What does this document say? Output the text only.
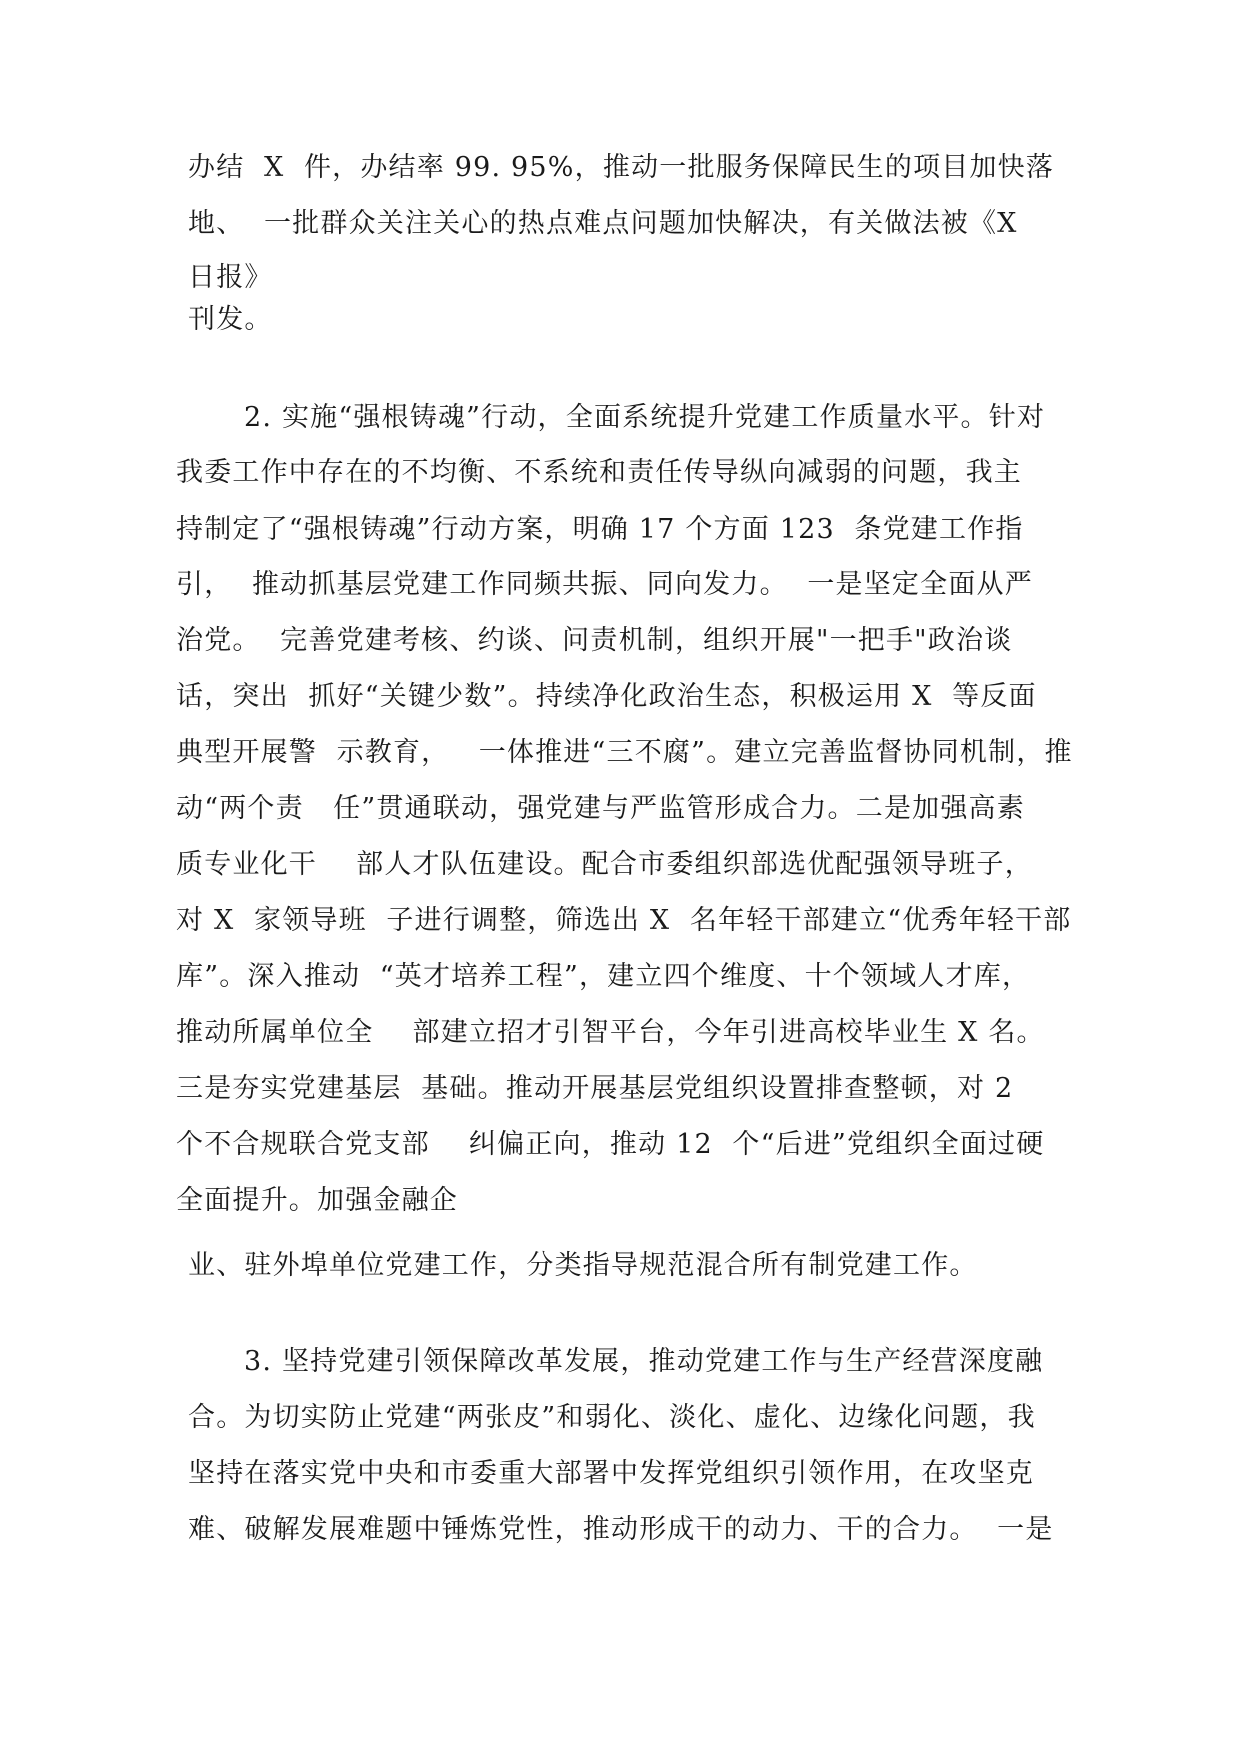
办结  X  件，办结率 99. 95%，推动一批服务保障民生的项目加快落
地、  一批群众关注关心的热点难点问题加快解决，有关做法被《X
日报》
刊发。
2. 实施“强根铸魂”行动，全面系统提升党建工作质量水平。针对
我委工作中存在的不均衡、不系统和责任传导纵向减弱的问题，我主
持制定了“强根铸魂”行动方案，明确 17 个方面 123  条党建工作指
引，  推动抓基层党建工作同频共振、同向发力。  一是坚定全面从严
治党。  完善党建考核、约谈、问责机制，组织开展"一把手"政治谈
话，突出  抓好“关键少数”。持续净化政治生态，积极运用 X  等反面
典型开展警  示教育，   一体推进“三不腐”。建立完善监督协同机制，推
动“两个责   任”贯通联动，强党建与严监管形成合力。二是加强高素
质专业化干    部人才队伍建设。配合市委组织部选优配强领导班子，
对 X  家领导班  子进行调整，筛选出 X  名年轻干部建立“优秀年轻干部
库”。深入推动  “英才培养工程”，建立四个维度、十个领域人才库，
推动所属单位全    部建立招才引智平台，今年引进高校毕业生 X 名。
三是夯实党建基层  基础。推动开展基层党组织设置排查整顿，对 2
个不合规联合党支部    纠偏正向，推动 12  个“后进”党组织全面过硬
全面提升。加强金融企
业、驻外埠单位党建工作，分类指导规范混合所有制党建工作。
3. 坚持党建引领保障改革发展，推动党建工作与生产经营深度融
合。为切实防止党建“两张皮”和弱化、淡化、虚化、边缘化问题，我
坚持在落实党中央和市委重大部署中发挥党组织引领作用，在攻坚克
难、破解发展难题中锤炼党性，推动形成干的动力、干的合力。  一是
